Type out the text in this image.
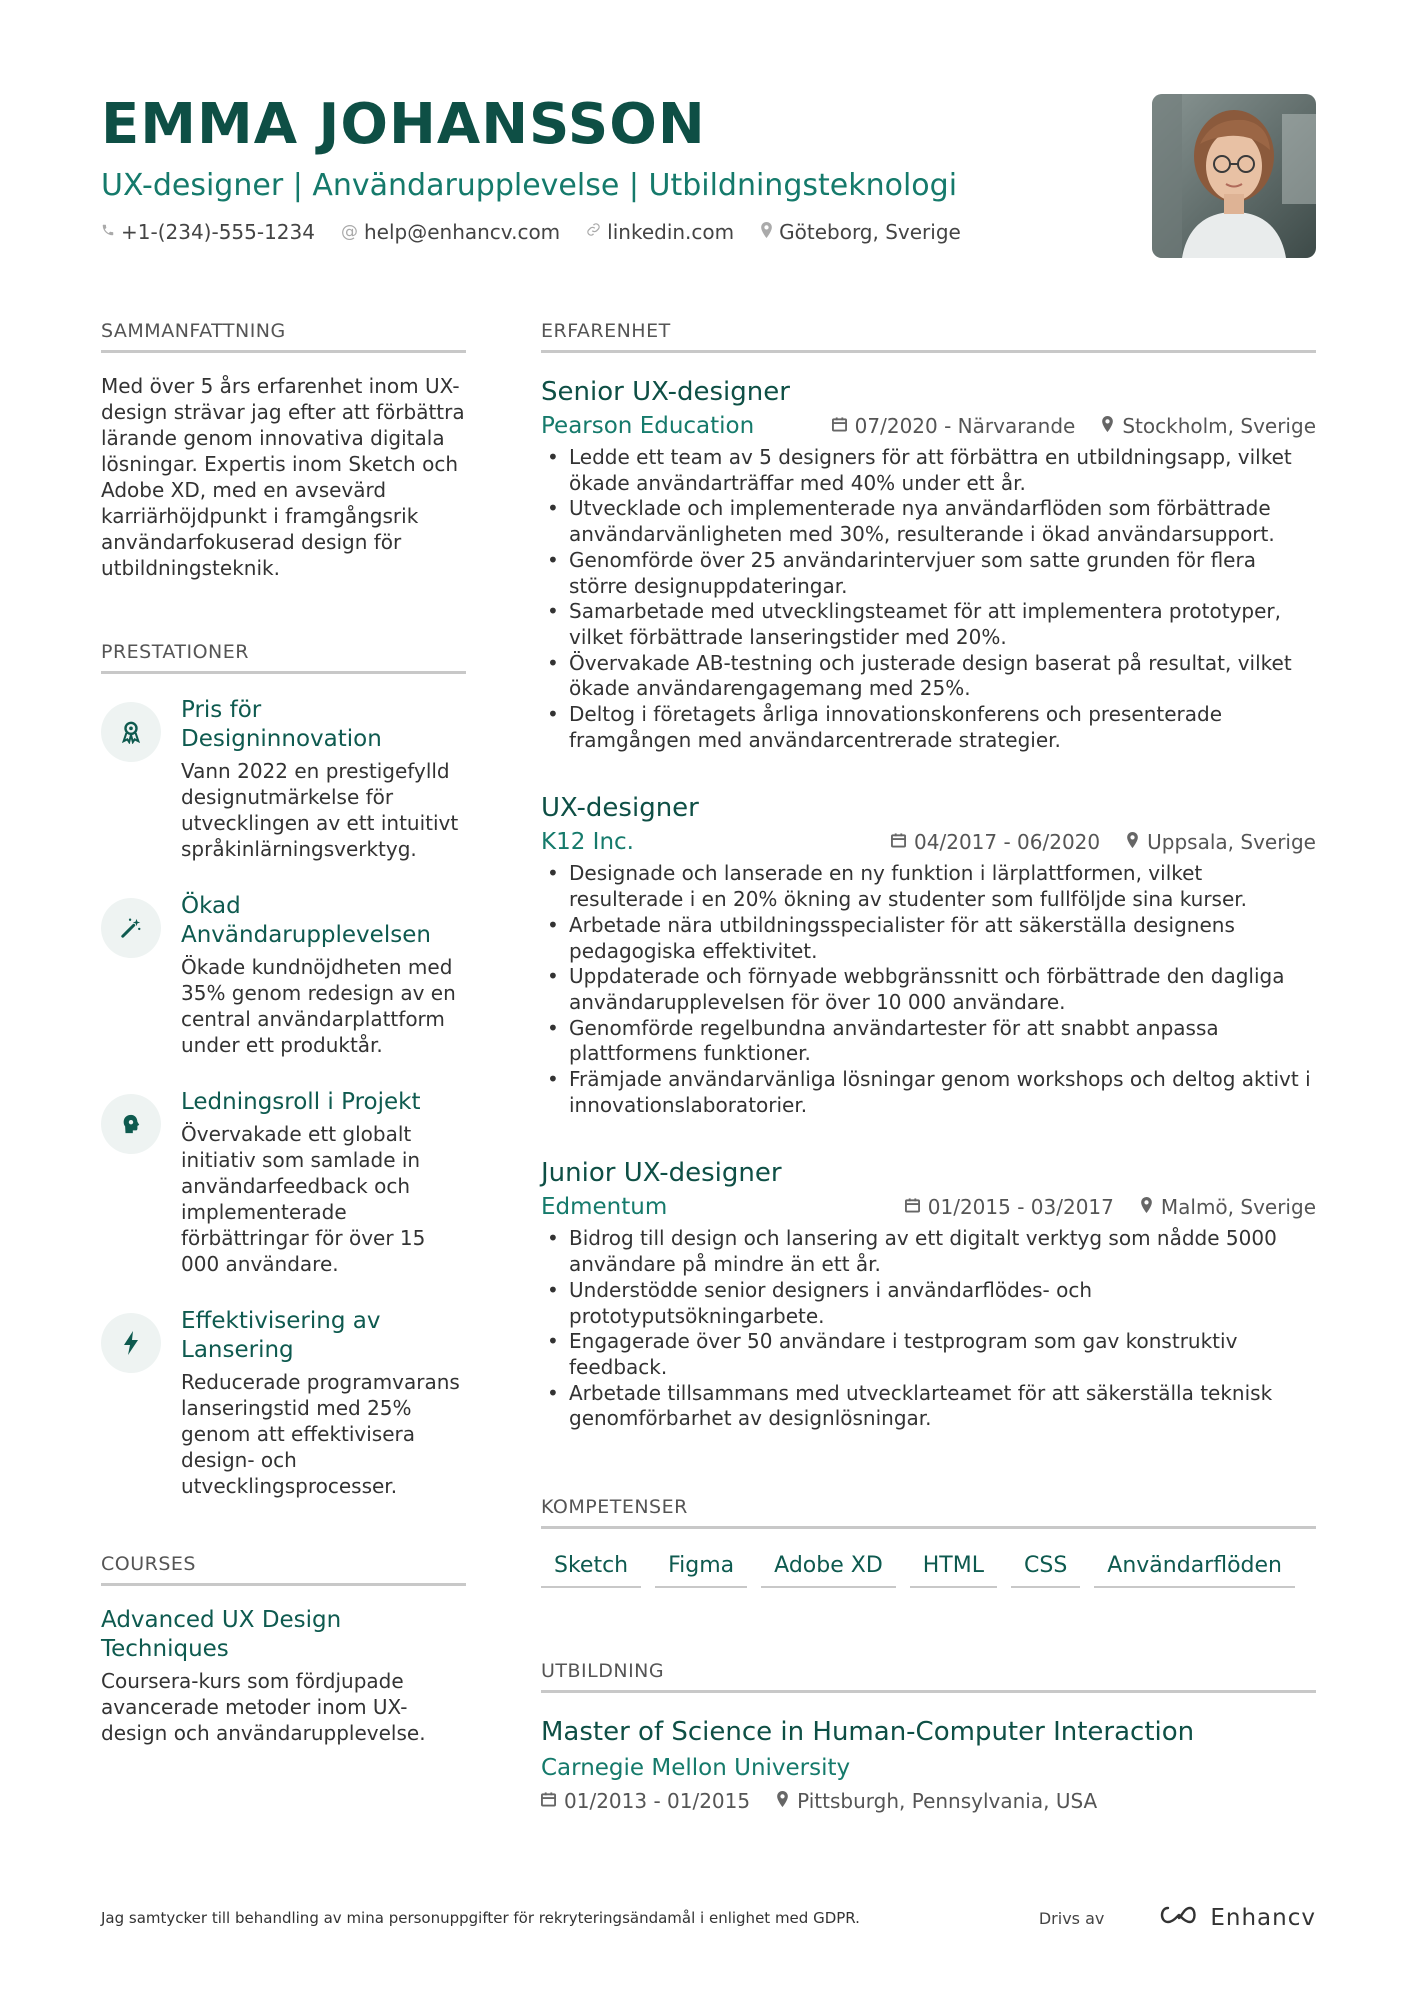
EMMA JOHANSSON
UX-designer | Användarupplevelse | Utbildningsteknologi
+1-(234)-555-1234 @ help@enhancv.com linkedin.com Göteborg, Sverige
SAMMANFATTNING
Med över 5 års erfarenhet inom UX-design strävar jag efter att förbättra lärande genom innovativa digitala lösningar. Expertis inom Sketch och Adobe XD, med en avsevärd karriärhöjdpunkt i framgångsrik användarfokuserad design för utbildningsteknik.
PRESTATIONER
Pris för Designinnovation
Vann 2022 en prestigefylld designutmärkelse för utvecklingen av ett intuitivt språkinlärningsverktyg.
Ökad Användarupplevelsen
Ökade kundnöjdheten med 35% genom redesign av en central användarplattform under ett produktår.
Ledningsroll i Projekt
Övervakade ett globalt initiativ som samlade in användarfeedback och implementerade förbättringar för över 15 000 användare.
Effektivisering av Lansering
Reducerade programvarans lanseringstid med 25% genom att effektivisera design- och utvecklingsprocesser.
COURSES
Advanced UX Design Techniques
Coursera-kurs som fördjupade avancerade metoder inom UX-design och användarupplevelse.
ERFARENHET
Senior UX-designer
Pearson Education	07/2020 - Närvarande Stockholm, Sverige
• Ledde ett team av 5 designers för att förbättra en utbildningsapp, vilket ökade användarträffar med 40% under ett år.
• Utvecklade och implementerade nya användarflöden som förbättrade användarvänligheten med 30%, resulterande i ökad användarsupport.
• Genomförde över 25 användarintervjuer som satte grunden för flera större designuppdateringar.
• Samarbetade med utvecklingsteamet för att implementera prototyper, vilket förbättrade lanseringstider med 20%.
• Övervakade AB-testning och justerade design baserat på resultat, vilket ökade användarengagemang med 25%.
• Deltog i företagets årliga innovationskonferens och presenterade framgången med användarcentrerade strategier.
UX-designer
K12 Inc.	04/2017 - 06/2020 Uppsala, Sverige
• Designade och lanserade en ny funktion i lärplattformen, vilket resulterade i en 20% ökning av studenter som fullföljde sina kurser.
• Arbetade nära utbildningsspecialister för att säkerställa designens pedagogiska effektivitet.
• Uppdaterade och förnyade webbgränssnitt och förbättrade den dagliga användarupplevelsen för över 10 000 användare.
• Genomförde regelbundna användartester för att snabbt anpassa plattformens funktioner.
• Främjade användarvänliga lösningar genom workshops och deltog aktivt i innovationslaboratorier.
Junior UX-designer
Edmentum	01/2015 - 03/2017 Malmö, Sverige
• Bidrog till design och lansering av ett digitalt verktyg som nådde 5000 användare på mindre än ett år.
• Understödde senior designers i användarflödes- och prototyputsökningarbete.
• Engagerade över 50 användare i testprogram som gav konstruktiv feedback.
• Arbetade tillsammans med utvecklarteamet för att säkerställa teknisk genomförbarhet av designlösningar.
KOMPETENSER
Sketch	Figma	Adobe XD	HTML	CSS	Användarflöden
UTBILDNING
Master of Science in Human-Computer Interaction
Carnegie Mellon University
01/2013 - 01/2015 Pittsburgh, Pennsylvania, USA
Jag samtycker till behandling av mina personuppgifter för rekryteringsändamål i enlighet med GDPR.	Drivs av	Enhancv
